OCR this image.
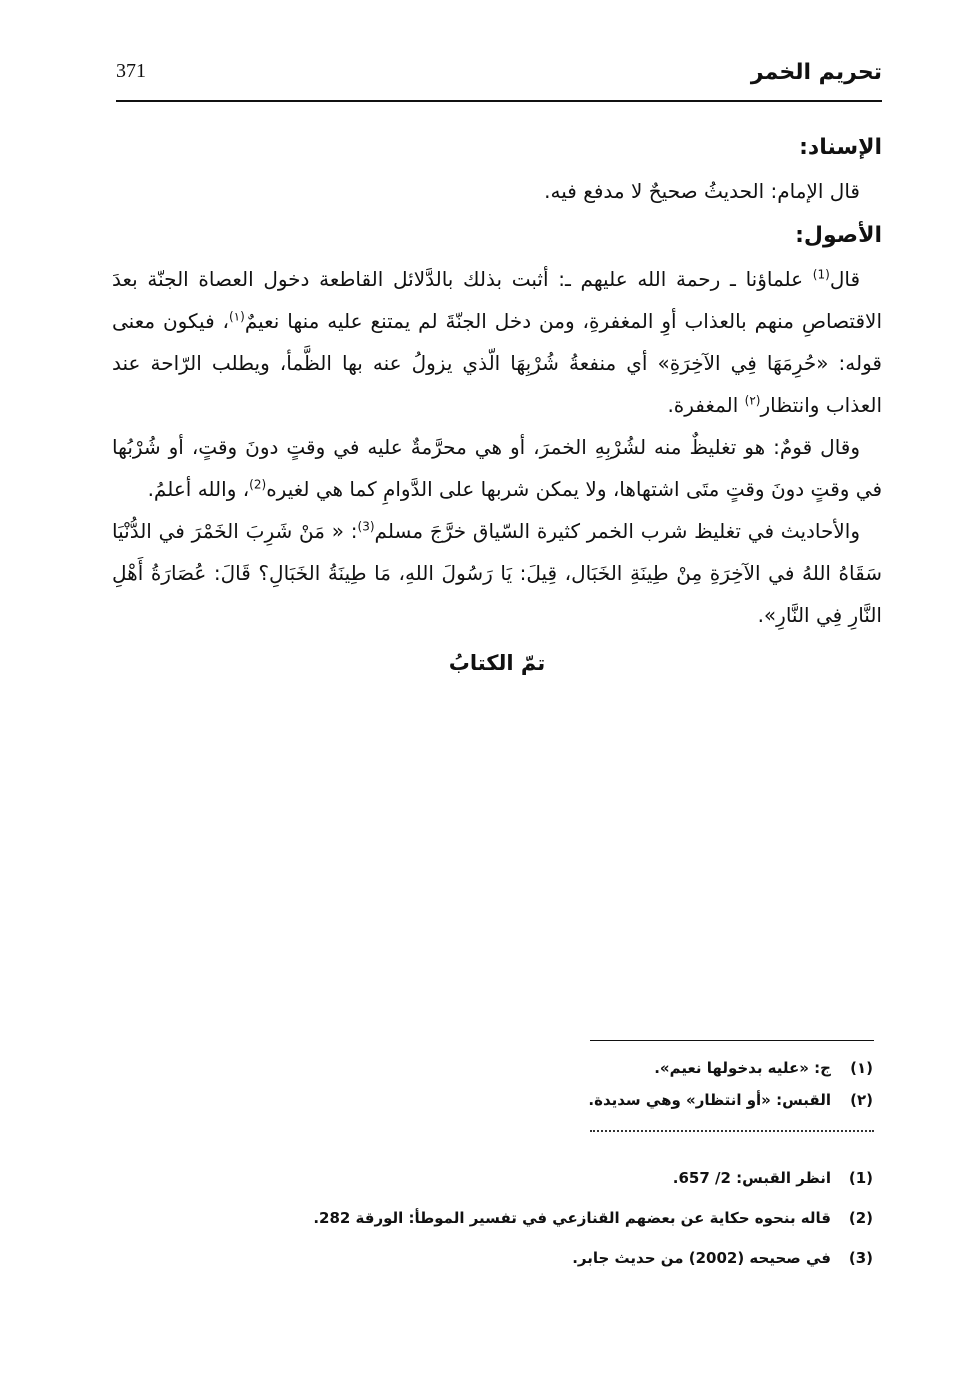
371	تحريم الخمر

الإسناد:

قال الإمام: الحديثُ صحيحٌ لا مدفع فيه.

الأصول:

قال$^{(1)}$ علماؤنا ـ رحمة الله عليهم ـ: أثبت بذلك بالدَّلائل القاطعة دخول العصاة الجنّة بعدَ الاقتصاصِ منهم بالعذاب أوِ المغفرةِ، ومن دخل الجنّةَ لم يمتنع عليه منها نعيمٌ$^{(١)}$، فيكون معنى قوله: «حُرِمَهَا فِي الآخِرَةِ» أي منفعةُ شُرْبِهَا الّذي يزولُ عنه بها الظَّمأ، ويطلب الرّاحة عند العذاب وانتظار$^{(٢)}$ المغفرة.

وقال قومٌ: هو تغليظٌ منه لشُرْبِهِ الخمرَ، أو هي محرَّمةٌ عليه في وقتٍ دونَ وقتٍ، أو شُرْبُها في وقتٍ دونَ وقتٍ متَى اشتهاها، ولا يمكن شربها على الدَّوامِ كما هي لغيره$^{(2)}$، والله أعلمُ.

والأحاديث في تغليظ شرب الخمر كثيرة السّياق خرَّجَ مسلم$^{(3)}$: « مَنْ شَرِبَ الخَمْرَ في الدُّنْيَا سَقَاهُ اللهُ في الآخِرَةِ مِنْ طِينَةِ الخَبَال، قِيلَ: يَا رَسُولَ اللهِ، مَا طِينَةُ الخَبَالِ؟ قَالَ: عُصَارَةُ أَهْلِ النَّارِ فِي النَّارِ».

تمّ الكتابُ

(١)
ج: «عليه بدخولها نعيم».

(٢)
القبس: «أو انتظار» وهي سديدة.

(1)
انظر القبس: 2/ 657.

(2)
قاله بنحوه حكاية عن بعضهم القنازعي في تفسير الموطأ: الورقة 282.

(3)
في صحيحه (2002) من حديث جابر.
